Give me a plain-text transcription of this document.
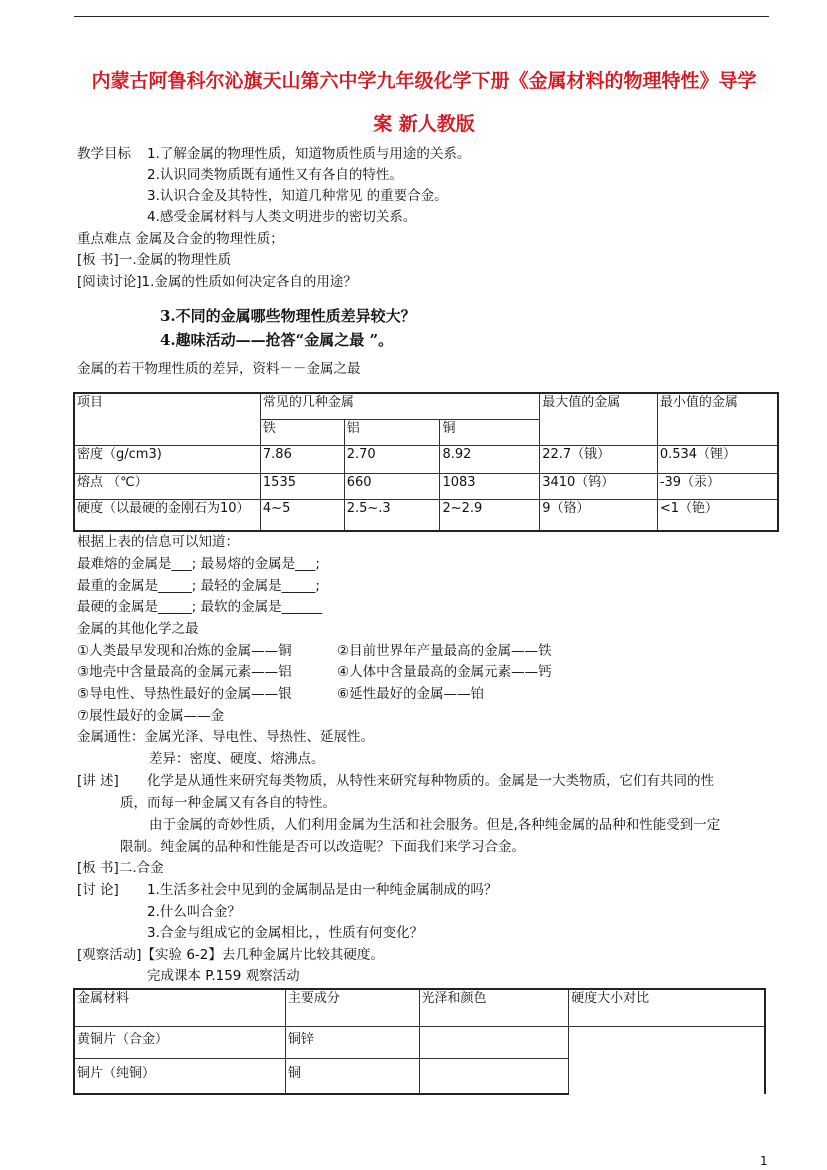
内蒙古阿鲁科尔沁旗天山第六中学九年级化学下册《金属材料的物理特性》导学
案 新人教版
教学目标 1.了解金属的物理性质，知道物质性质与用途的关系。
2.认识同类物质既有通性又有各自的特性。
3.认识合金及其特性，知道几种常见 的重要合金。
4.感受金属材料与人类文明进步的密切关系。
重点难点 金属及合金的物理性质；
[板 书]一.金属的物理性质
[阅读讨论]1.金属的性质如何决定各自的用途？
3.不同的金属哪些物理性质差异较大？
4.趣味活动——抢答“金属之最 ”。
金属的若干物理性质的差异，资料－－金属之最
项目	常见的几种金属			最大值的金属	最小值的金属
	铁	铝	铜		
密度（g/cm3)	7.86	2.70	8.92	22.7（锇）	0.534（锂）
熔点 （℃）	1535	660	1083	3410（钨）	-39（汞）
硬度（以最硬的金刚石为10）	4~5	2.5~.3	2~2.9	9（铬）	<1（铯）
根据上表的信息可以知道：
最难熔的金属是___; 最易熔的金属是___;
最重的金属是_____; 最轻的金属是_____;
最硬的金属是_____; 最软的金属是______
金属的其他化学之最
①人类最早发现和冶炼的金属——铜	②目前世界年产量最高的金属——铁
③地壳中含量最高的金属元素——铝	④人体中含量最高的金属元素——钙
⑤导电性、导热性最好的金属——银	⑥延性最好的金属——铂
⑦展性最好的金属——金
金属通性：金属光泽、导电性、导热性、延展性。
差异：密度、硬度、熔沸点。
[讲 述] 化学是从通性来研究每类物质，从特性来研究每种物质的。金属是一大类物质，它们有共同的性
质，而每一种金属又有各自的特性。
由于金属的奇妙性质，人们利用金属为生活和社会服务。但是,各种纯金属的品种和性能受到一定
限制。纯金属的品种和性能是否可以改造呢？下面我们来学习合金。
[板 书]二.合金
[讨 论] 1.生活多社会中见到的金属制品是由一种纯金属制成的吗？
2.什么叫合金？
3.合金与组成它的金属相比，，性质有何变化？
[观察活动]【实验 6-2】去几种金属片比较其硬度。
完成课本 P.159 观察活动
金属材料	主要成分	光泽和颜色	硬度大小对比
黄铜片（合金）	铜锌		
铜片（纯铜）	铜		
1
